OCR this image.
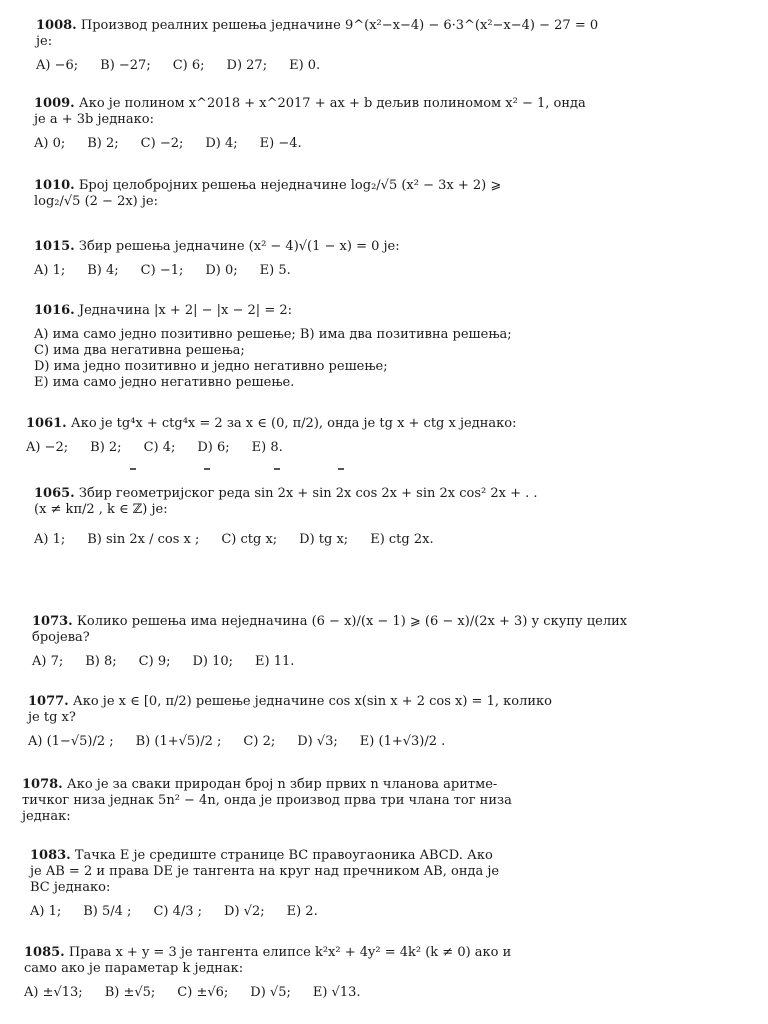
1008. Производ реалних решења једначине 9^(x²−x−4) − 6·3^(x²−x−4) − 27 = 0
је:
A) −6; B) −27; C) 6; D) 27; E) 0.
1009. Ако је полином x^2018 + x^2017 + ax + b дељив полиномом x² − 1, онда
је a + 3b једнако:
A) 0; B) 2; C) −2; D) 4; E) −4.
1010. Број целобројних решења неједначине log₂/√5 (x² − 3x + 2) ⩾
log₂/√5 (2 − 2x) је:
1015. Збир решења једначине (x² − 4)√(1 − x) = 0 је:
A) 1; B) 4; C) −1; D) 0; E) 5.
1016. Једначина |x + 2| − |x − 2| = 2:
A) има само једно позитивно решење; B) има два позитивна решења;
C) има два негативна решења;
D) има једно позитивно и једно негативно решење;
E) има само једно негативно решење.
1061. Ако је tg⁴x + ctg⁴x = 2 за x ∈ (0, π/2), онда је tg x + ctg x једнако:
A) −2; B) 2; C) 4; D) 6; E) 8.
1065. Збир геометријског реда sin 2x + sin 2x cos 2x + sin 2x cos² 2x + . .
(x ≠ kπ/2 , k ∈ ℤ) је:
A) 1; B) sin 2x / cos x ; C) ctg x; D) tg x; E) ctg 2x.
1073. Колико решења има неједначина (6 − x)/(x − 1) ⩾ (6 − x)/(2x + 3) у скупу целих
бројева?
A) 7; B) 8; C) 9; D) 10; E) 11.
1077. Ако је x ∈ [0, π/2) решење једначине cos x(sin x + 2 cos x) = 1, колико
је tg x?
A) (1−√5)/2 ; B) (1+√5)/2 ; C) 2; D) √3; E) (1+√3)/2 .
1078. Ако је за сваки природан број n збир првих n чланова аритме-
тичког низа једнак 5n² − 4n, онда је производ прва три члана тог низа
једнак:
1083. Тачка E је средиште странице BC правоугаоника ABCD. Ако
је AB = 2 и права DE је тангента на круг над пречником AB, онда је
BC једнако:
A) 1; B) 5/4 ; C) 4/3 ; D) √2; E) 2.
1085. Права x + y = 3 је тангента елипсе k²x² + 4y² = 4k² (k ≠ 0) ако и
само ако је параметар k једнак:
A) ±√13; B) ±√5; C) ±√6; D) √5; E) √13.
